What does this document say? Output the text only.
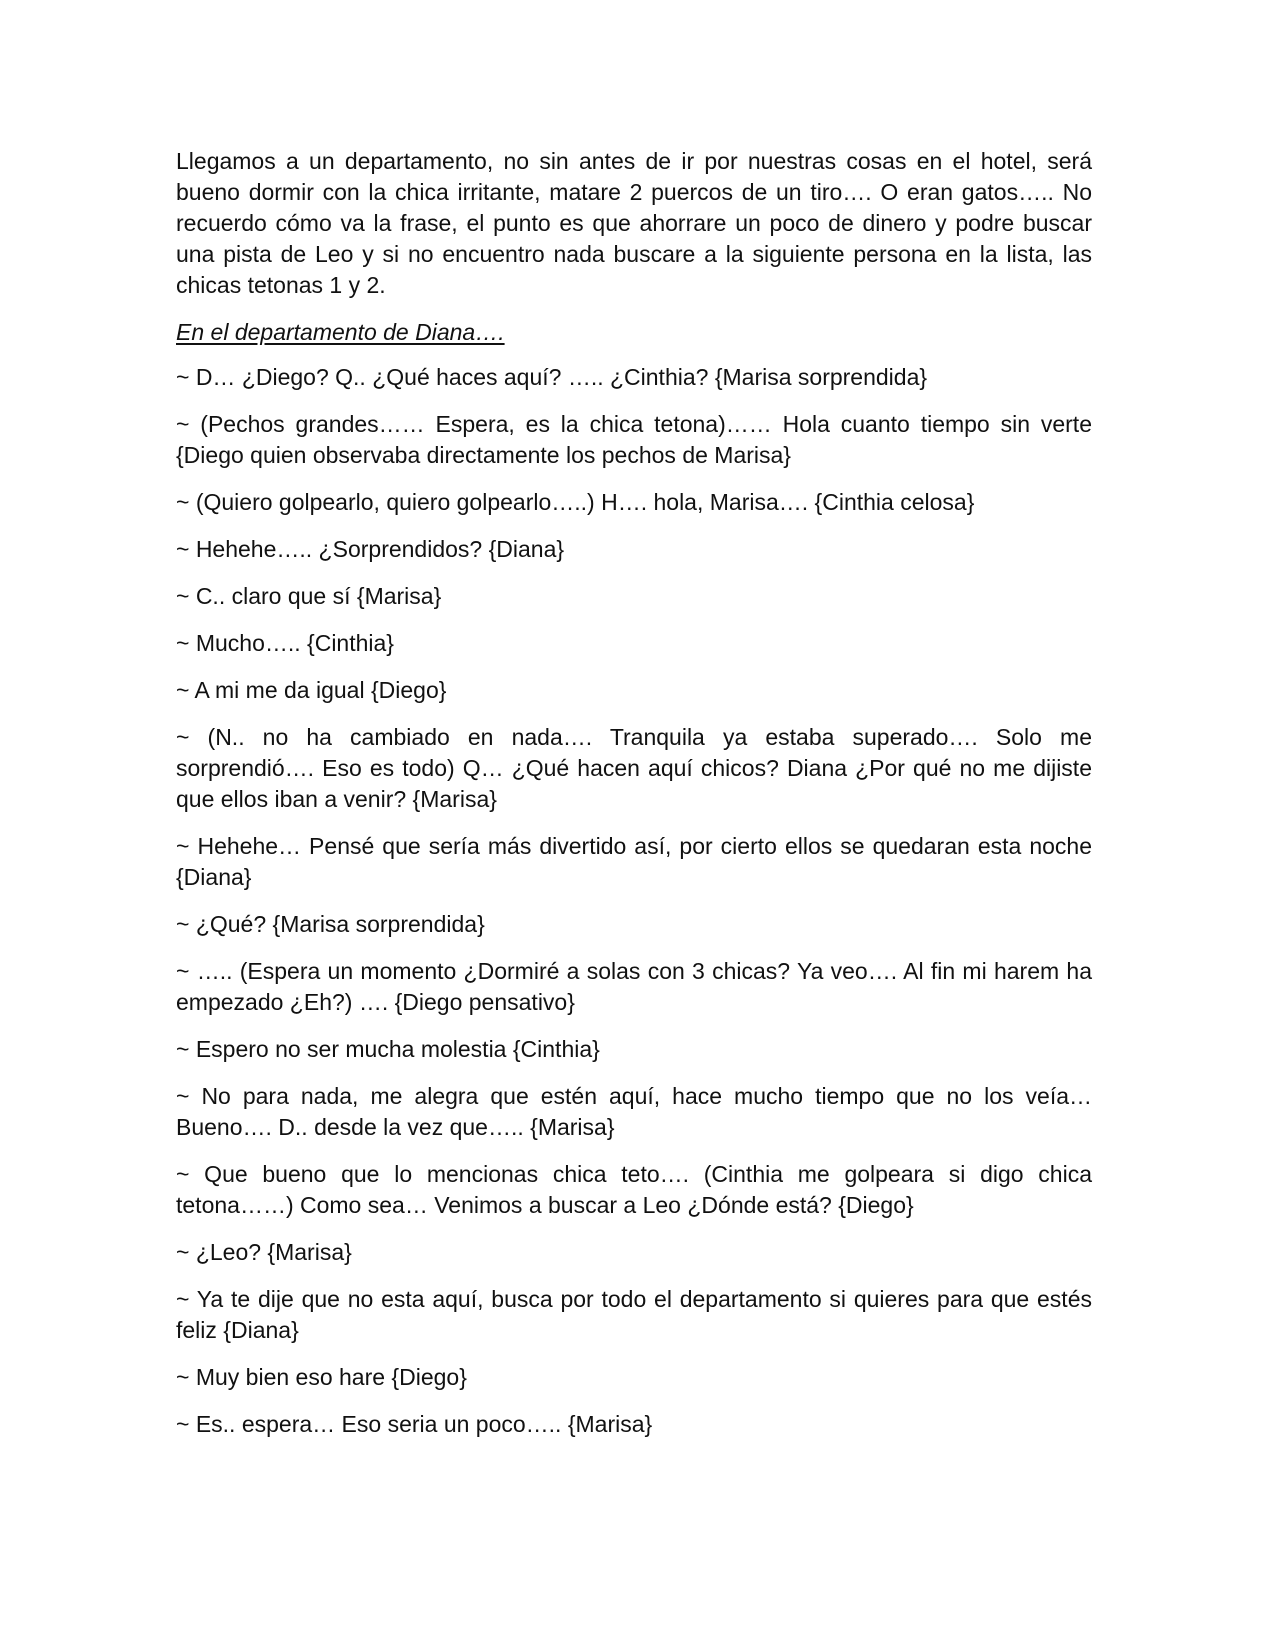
Llegamos a un departamento, no sin antes de ir por nuestras cosas en el hotel, será bueno dormir con la chica irritante, matare 2 puercos de un tiro…. O eran gatos….. No recuerdo cómo va la frase, el punto es que ahorrare un poco de dinero y podre buscar una pista de Leo y si no encuentro nada buscare a la siguiente persona en la lista, las chicas tetonas 1 y 2.

En el departamento de Diana….

~ D… ¿Diego? Q.. ¿Qué haces aquí? ….. ¿Cinthia? {Marisa sorprendida}

~ (Pechos grandes…… Espera, es la chica tetona)…… Hola cuanto tiempo sin verte {Diego quien observaba directamente los pechos de Marisa}

~ (Quiero golpearlo, quiero golpearlo…..) H…. hola, Marisa…. {Cinthia celosa}

~ Hehehe….. ¿Sorprendidos? {Diana}

~ C.. claro que sí {Marisa}

~ Mucho….. {Cinthia}

~ A mi me da igual {Diego}

~ (N.. no ha cambiado en nada…. Tranquila ya estaba superado…. Solo me sorprendió…. Eso es todo) Q… ¿Qué hacen aquí chicos? Diana ¿Por qué no me dijiste que ellos iban a venir? {Marisa}

~ Hehehe… Pensé que sería más divertido así, por cierto ellos se quedaran esta noche {Diana}

~ ¿Qué? {Marisa sorprendida}

~ ….. (Espera un momento ¿Dormiré a solas con 3 chicas? Ya veo…. Al fin mi harem ha empezado ¿Eh?) …. {Diego pensativo}

~ Espero no ser mucha molestia {Cinthia}

~ No para nada, me alegra que estén aquí, hace mucho tiempo que no los veía… Bueno…. D.. desde la vez que….. {Marisa}

~ Que bueno que lo mencionas chica teto…. (Cinthia me golpeara si digo chica tetona……) Como sea… Venimos a buscar a Leo ¿Dónde está? {Diego}

~ ¿Leo? {Marisa}

~ Ya te dije que no esta aquí, busca por todo el departamento si quieres para que estés feliz {Diana}

~ Muy bien eso hare {Diego}

~ Es.. espera… Eso seria un poco….. {Marisa}
